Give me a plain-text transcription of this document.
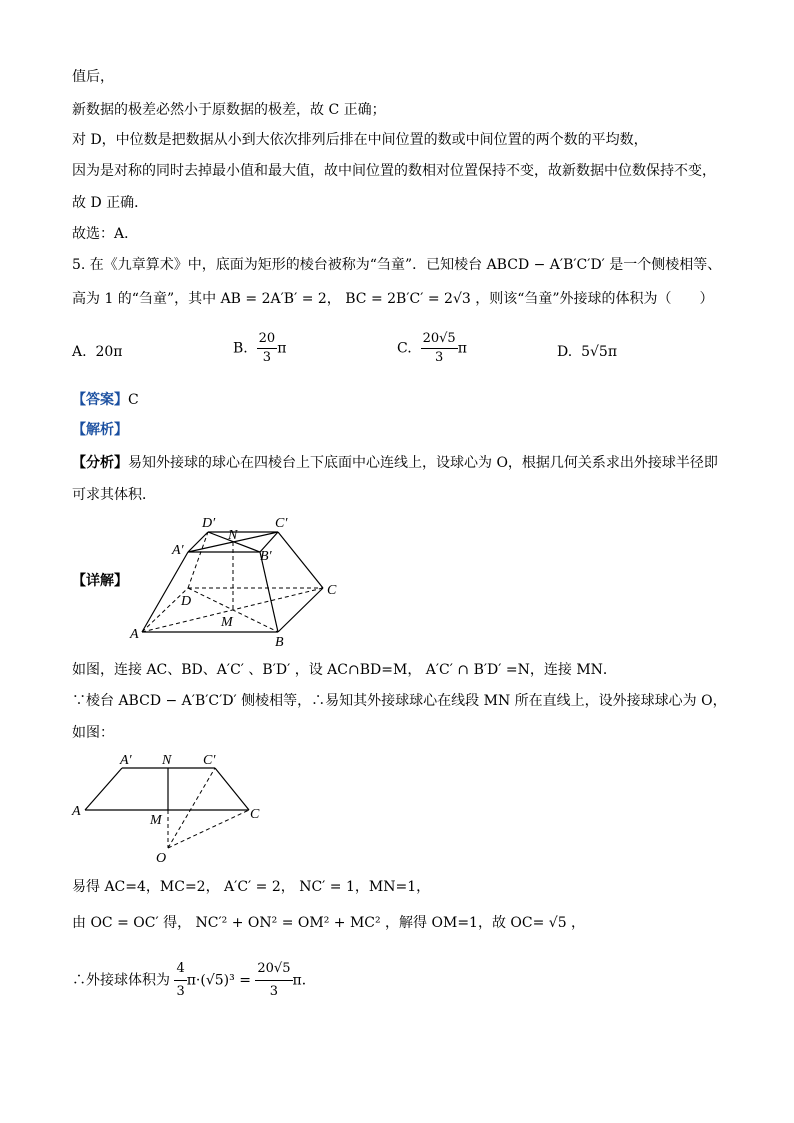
值后，
新数据的极差必然小于原数据的极差，故 C 正确；
对 D，中位数是把数据从小到大依次排列后排在中间位置的数或中间位置的两个数的平均数，
因为是对称的同时去掉最小值和最大值，故中间位置的数相对位置保持不变，故新数据中位数保持不变，
故 D 正确．
故选：A．
5. 在《九章算术》中，底面为矩形的棱台被称为“刍童”．已知棱台 ABCD − A′B′C′D′ 是一个侧棱相等、
高为 1 的“刍童”，其中 AB = 2A′B′ = 2， BC = 2B′C′ = 2√3 ，则该“刍童”外接球的体积为（　　）
A. 20π	B. $\frac{20}{3}$ π	C. $\frac{20√5}{3}$ π	D. 5√5π
【答案】C
【解析】
【分析】易知外接球的球心在四棱台上下底面中心连线上，设球心为 O，根据几何关系求出外接球半径即
可求其体积．
【详解】
D′
N
C′
A′	B′
D
C
M
A
B
如图，连接 AC、BD、A′C′ 、B′D′ ，设 AC∩BD=M， A′C′ ∩ B′D′ =N，连接 MN．
∵棱台 ABCD − A′B′C′D′ 侧棱相等，∴易知其外接球球心在线段 MN 所在直线上，设外接球球心为 O，
如图：
A′ N C′
A
M	C
O
易得 AC=4，MC=2， A′C′ = 2， NC′ = 1，MN=1，
由 OC = OC′ 得， NC′² + ON² = OM² + MC² ，解得 OM=1，故 OC= √5 ，
∴外接球体积为 $\frac{4}{3} \pi\cdot(√5)^3 = \frac{20√5}{3}$ π．
